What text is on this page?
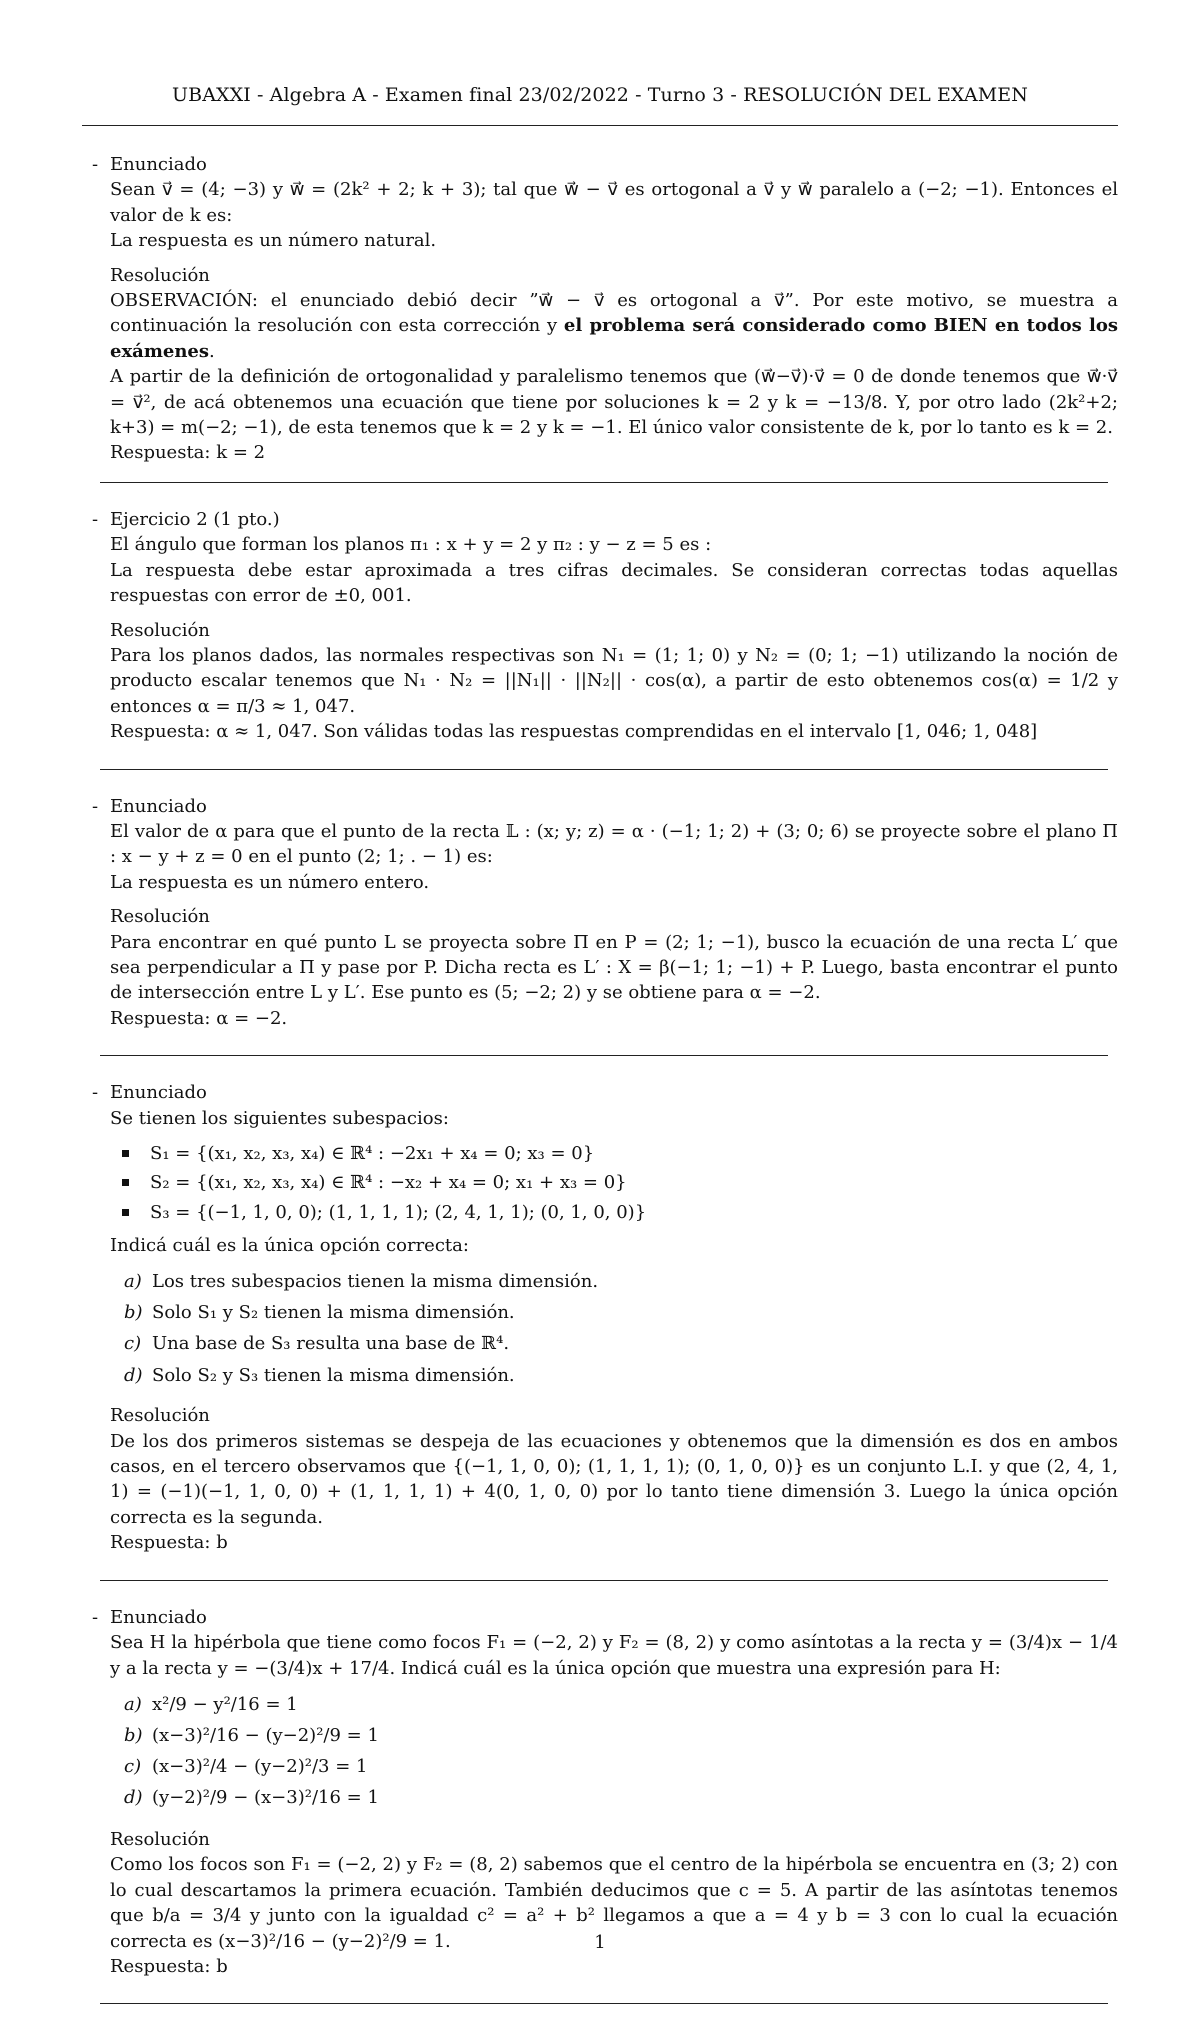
UBAXXI - Algebra A - Examen final 23/02/2022 - Turno 3 - RESOLUCIÓN DEL EXAMEN
- Enunciado

Sean v⃗ = (4; −3) y w⃗ = (2k² + 2; k + 3); tal que w⃗ − v⃗ es ortogonal a v⃗ y w⃗ paralelo a (−2; −1). Entonces el valor de k es:

La respuesta es un número natural.

Resolución

OBSERVACIÓN: el enunciado debió decir ”w⃗ − v⃗ es ortogonal a v⃗”. Por este motivo, se muestra a continuación la resolución con esta corrección y el problema será considerado como BIEN en todos los exámenes.

A partir de la definición de ortogonalidad y paralelismo tenemos que (w⃗−v⃗)·v⃗ = 0 de donde tenemos que w⃗·v⃗ = v⃗², de acá obtenemos una ecuación que tiene por soluciones k = 2 y k = −13/8. Y, por otro lado (2k²+2; k+3) = m(−2; −1), de esta tenemos que k = 2 y k = −1. El único valor consistente de k, por lo tanto es k = 2.

Respuesta: k = 2

- Ejercicio 2 (1 pto.)

El ángulo que forman los planos π₁ : x + y = 2 y π₂ : y − z = 5 es :

La respuesta debe estar aproximada a tres cifras decimales. Se consideran correctas todas aquellas respuestas con error de ±0, 001.

Resolución

Para los planos dados, las normales respectivas son N₁ = (1; 1; 0) y N₂ = (0; 1; −1) utilizando la noción de producto escalar tenemos que N₁ · N₂ = ||N₁|| · ||N₂|| · cos(α), a partir de esto obtenemos cos(α) = 1/2 y entonces α = π/3 ≈ 1, 047.

Respuesta: α ≈ 1, 047. Son válidas todas las respuestas comprendidas en el intervalo [1, 046; 1, 048]

- Enunciado

El valor de α para que el punto de la recta 𝕃 : (x; y; z) = α · (−1; 1; 2) + (3; 0; 6) se proyecte sobre el plano Π : x − y + z = 0 en el punto (2; 1; . − 1) es:

La respuesta es un número entero.

Resolución

Para encontrar en qué punto L se proyecta sobre Π en P = (2; 1; −1), busco la ecuación de una recta L′ que sea perpendicular a Π y pase por P. Dicha recta es L′ : X = β(−1; 1; −1) + P. Luego, basta encontrar el punto de intersección entre L y L′. Ese punto es (5; −2; 2) y se obtiene para α = −2.

Respuesta: α = −2.

- Enunciado

Se tienen los siguientes subespacios:

S₁ = {(x₁, x₂, x₃, x₄) ∈ ℝ⁴ : −2x₁ + x₄ = 0; x₃ = 0}
S₂ = {(x₁, x₂, x₃, x₄) ∈ ℝ⁴ : −x₂ + x₄ = 0; x₁ + x₃ = 0}
S₃ = {(−1, 1, 0, 0); (1, 1, 1, 1); (2, 4, 1, 1); (0, 1, 0, 0)}

Indicá cuál es la única opción correcta:

a) Los tres subespacios tienen la misma dimensión.
b) Solo S₁ y S₂ tienen la misma dimensión.
c) Una base de S₃ resulta una base de ℝ⁴.
d) Solo S₂ y S₃ tienen la misma dimensión.

Resolución

De los dos primeros sistemas se despeja de las ecuaciones y obtenemos que la dimensión es dos en ambos casos, en el tercero observamos que {(−1, 1, 0, 0); (1, 1, 1, 1); (0, 1, 0, 0)} es un conjunto L.I. y que (2, 4, 1, 1) = (−1)(−1, 1, 0, 0) + (1, 1, 1, 1) + 4(0, 1, 0, 0) por lo tanto tiene dimensión 3. Luego la única opción correcta es la segunda.

Respuesta: b

- Enunciado

Sea H la hipérbola que tiene como focos F₁ = (−2, 2) y F₂ = (8, 2) y como asíntotas a la recta y = (3/4)x − 1/4 y a la recta y = −(3/4)x + 17/4. Indicá cuál es la única opción que muestra una expresión para H:

a) x²/9 − y²/16 = 1
b) (x−3)²/16 − (y−2)²/9 = 1
c) (x−3)²/4 − (y−2)²/3 = 1
d) (y−2)²/9 − (x−3)²/16 = 1

Resolución

Como los focos son F₁ = (−2, 2) y F₂ = (8, 2) sabemos que el centro de la hipérbola se encuentra en (3; 2) con lo cual descartamos la primera ecuación. También deducimos que c = 5. A partir de las asíntotas tenemos que b/a = 3/4 y junto con la igualdad c² = a² + b² llegamos a que a = 4 y b = 3 con lo cual la ecuación correcta es (x−3)²/16 − (y−2)²/9 = 1.

Respuesta: b

1
